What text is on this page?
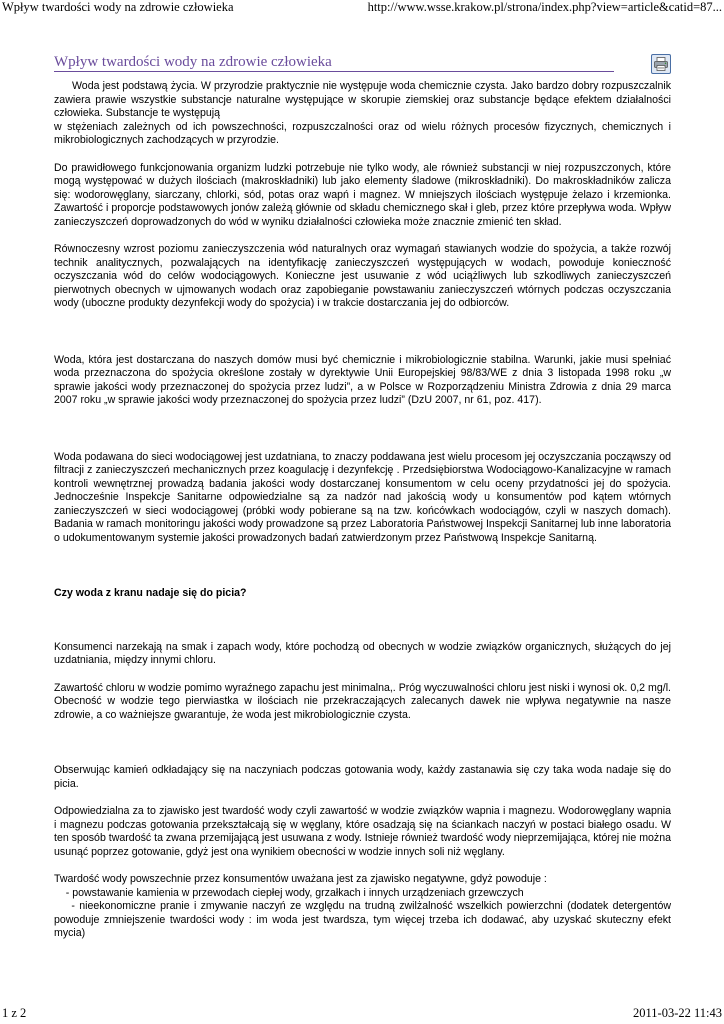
Wpływ twardości wody na zdrowie człowieka	http://www.wsse.krakow.pl/strona/index.php?view=article&catid=87...
Wpływ twardości wody na zdrowie człowieka

Woda jest podstawą życia. W przyrodzie praktycznie nie występuje woda chemicznie czysta. Jako bardzo dobry rozpuszczalnik zawiera prawie wszystkie substancje naturalne występujące w skorupie ziemskiej oraz substancje będące efektem działalności człowieka. Substancje te występują

w stężeniach zależnych od ich powszechności, rozpuszczalności oraz od wielu różnych procesów fizycznych, chemicznych i mikrobiologicznych zachodzących w przyrodzie.

Do prawidłowego funkcjonowania organizm ludzki potrzebuje nie tylko wody, ale również substancji w niej rozpuszczonych, które mogą występować w dużych ilościach (makroskładniki) lub jako elementy śladowe (mikroskładniki). Do makroskładników zalicza się: wodorowęglany, siarczany, chlorki, sód, potas oraz wapń i magnez. W mniejszych ilościach występuje żelazo i krzemionka. Zawartość i proporcje podstawowych jonów zależą głównie od składu chemicznego skał i gleb, przez które przepływa woda. Wpływ zanieczyszczeń doprowadzonych do wód w wyniku działalności człowieka może znacznie zmienić ten skład.

Równoczesny wzrost poziomu zanieczyszczenia wód naturalnych oraz wymagań stawianych wodzie do spożycia, a także rozwój technik analitycznych, pozwalających na identyfikację zanieczyszczeń występujących w wodach, powoduje konieczność oczyszczania wód do celów wodociągowych. Konieczne jest usuwanie z wód uciążliwych lub szkodliwych zanieczyszczeń pierwotnych obecnych w ujmowanych wodach oraz zapobieganie powstawaniu zanieczyszczeń wtórnych podczas oczyszczania wody (uboczne produkty dezynfekcji wody do spożycia) i w trakcie dostarczania jej do odbiorców.

Woda, która jest dostarczana do naszych domów musi być chemicznie i mikrobiologicznie stabilna. Warunki, jakie musi spełniać woda przeznaczona do spożycia określone zostały w dyrektywie Unii Europejskiej 98/83/WE z dnia 3 listopada 1998 roku „w sprawie jakości wody przeznaczonej do spożycia przez ludzi”, a w Polsce w Rozporządzeniu Ministra Zdrowia z dnia 29 marca 2007 roku „w sprawie jakości wody przeznaczonej do spożycia przez ludzi” (DzU 2007, nr 61, poz. 417).

Woda podawana do sieci wodociągowej jest uzdatniana, to znaczy poddawana jest wielu procesom jej oczyszczania począwszy od filtracji z zanieczyszczeń mechanicznych przez koagulację i dezynfekcję . Przedsiębiorstwa Wodociągowo-Kanalizacyjne w ramach kontroli wewnętrznej prowadzą badania jakości wody dostarczanej konsumentom w celu oceny przydatności jej do spożycia. Jednocześnie Inspekcje Sanitarne odpowiedzialne są za nadzór nad jakością wody u konsumentów pod kątem wtórnych zanieczyszczeń w sieci wodociągowej (próbki wody pobierane są na tzw. końcówkach wodociągów, czyli w naszych domach). Badania w ramach monitoringu jakości wody prowadzone są przez Laboratoria Państwowej Inspekcji Sanitarnej lub inne laboratoria o udokumentowanym systemie jakości prowadzonych badań zatwierdzonym przez Państwową Inspekcje Sanitarną.

Czy woda z kranu nadaje się do picia?

Konsumenci narzekają na smak i zapach wody, które pochodzą od obecnych w wodzie związków organicznych, służących do jej uzdatniania, między innymi chloru.

Zawartość chloru w wodzie pomimo wyraźnego zapachu jest minimalna,. Próg wyczuwalności chloru jest niski i wynosi ok. 0,2 mg/l. Obecność w wodzie tego pierwiastka w ilościach nie przekraczających zalecanych dawek nie wpływa negatywnie na nasze zdrowie, a co ważniejsze gwarantuje, że woda jest mikrobiologicznie czysta.

Obserwując kamień odkładający się na naczyniach podczas gotowania wody, każdy zastanawia się czy taka woda nadaje się do picia.

Odpowiedzialna za to zjawisko jest twardość wody czyli zawartość w wodzie związków wapnia i magnezu. Wodorowęglany wapnia i magnezu podczas gotowania przekształcają się w węglany, które osadzają się na ściankach naczyń w postaci białego osadu. W ten sposób twardość ta zwana przemijającą jest usuwana z wody. Istnieje również twardość wody nieprzemijająca, której nie można usunąć poprzez gotowanie, gdyż jest ona wynikiem obecności w wodzie innych soli niż węglany.

Twardość wody powszechnie przez konsumentów uważana jest za zjawisko negatywne, gdyż powoduje :

- powstawanie kamienia w przewodach ciepłej wody, grzałkach i innych urządzeniach grzewczych

- nieekonomiczne pranie i zmywanie naczyń ze względu na trudną zwilżalność wszelkich powierzchni (dodatek detergentów powoduje zmniejszenie twardości wody : im woda jest twardsza, tym więcej trzeba ich dodawać, aby uzyskać skuteczny efekt mycia)

1 z 2	2011-03-22 11:43
